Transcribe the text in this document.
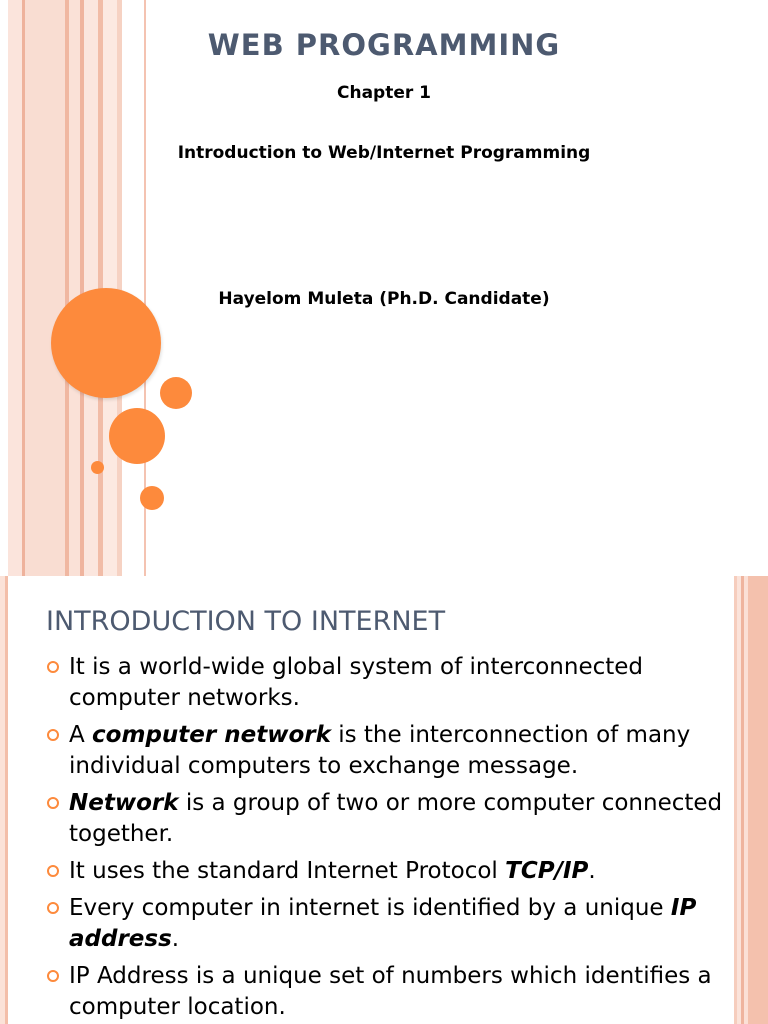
WEB PROGRAMMING
Chapter 1
Introduction to Web/Internet Programming
Hayelom Muleta (Ph.D. Candidate)
INTRODUCTION TO INTERNET
It is a world-wide global system of interconnected computer networks.
A computer network is the interconnection of many individual computers to exchange message.
Network is a group of two or more computer connected together.
It uses the standard Internet Protocol TCP/IP.
Every computer in internet is identified by a unique IP address.
IP Address is a unique set of numbers which identifies a computer location.
